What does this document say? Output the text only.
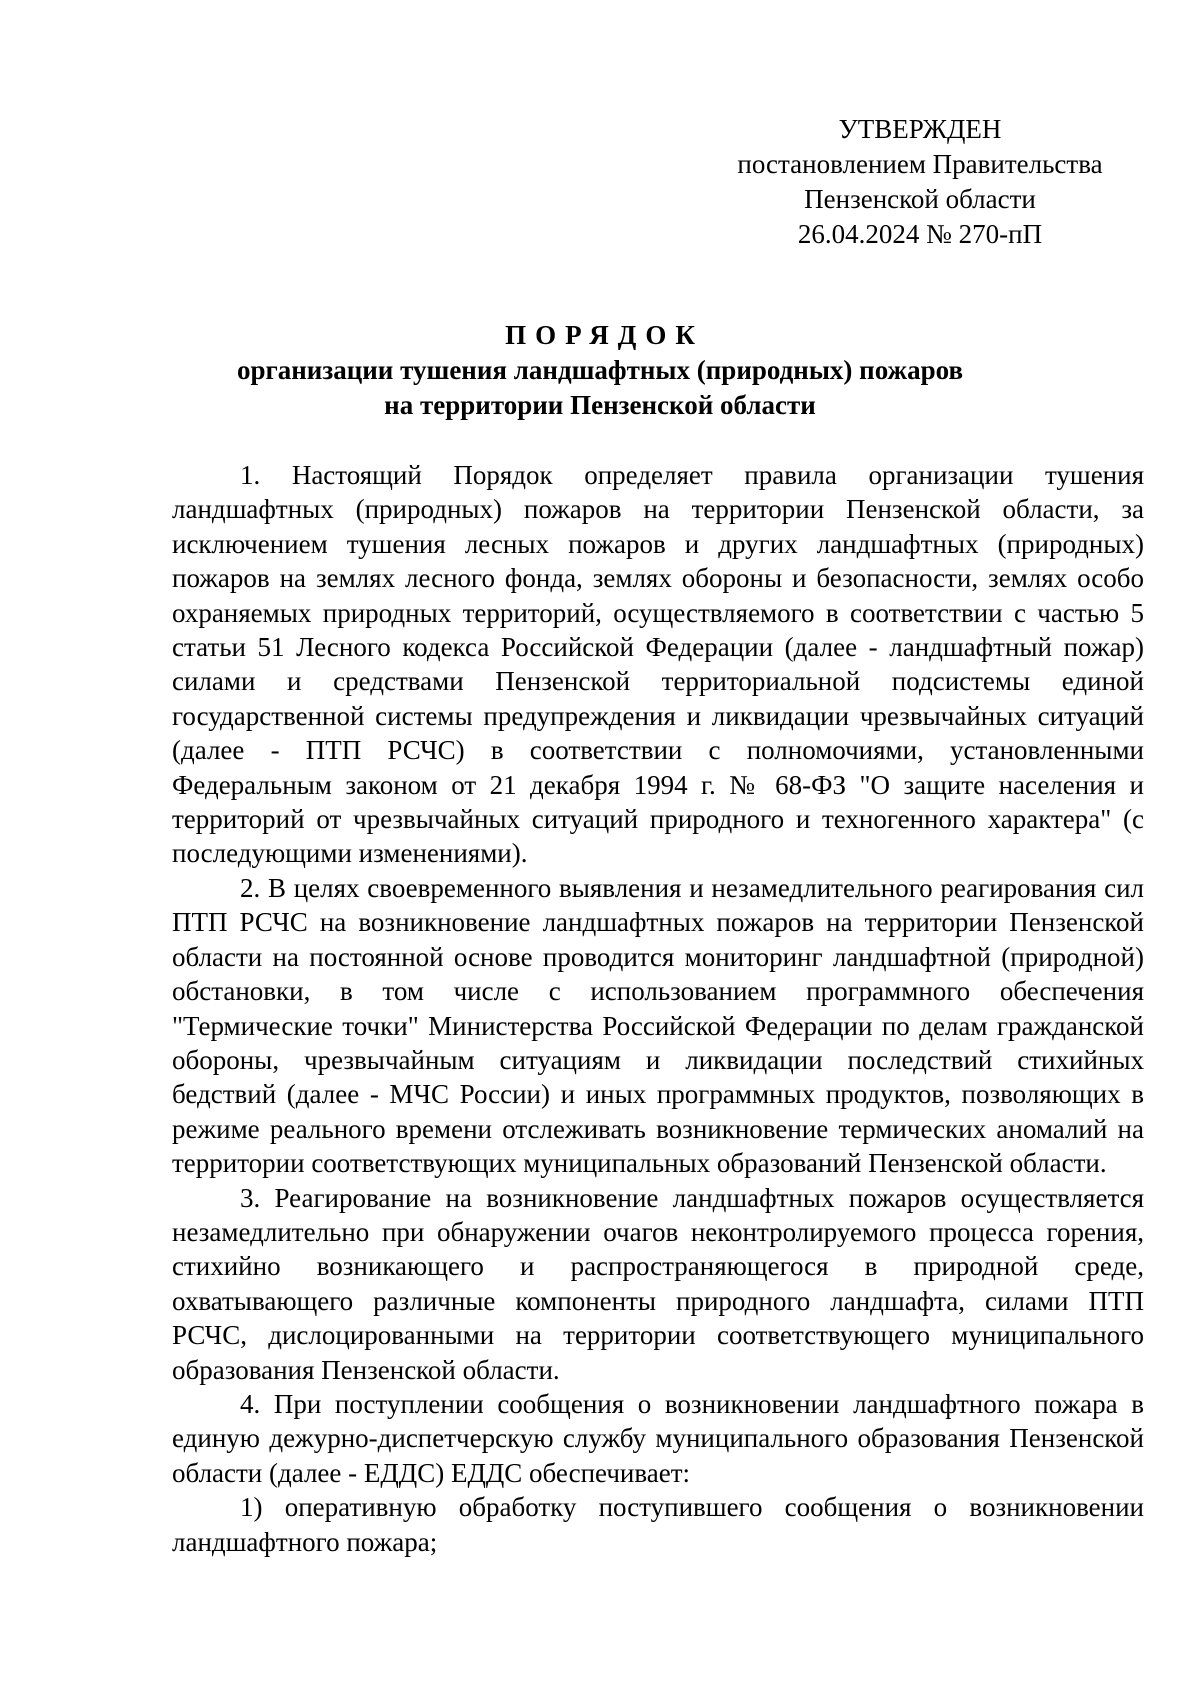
УТВЕРЖДЕН
постановлением Правительства
Пензенской области
26.04.2024 № 270-пП
ПОРЯДОК
организации тушения ландшафтных (природных) пожаров
на территории Пензенской области

1. Настоящий Порядок определяет правила организации тушения ландшафтных (природных) пожаров на территории Пензенской области, за исключением тушения лесных пожаров и других ландшафтных (природных) пожаров на землях лесного фонда, землях обороны и безопасности, землях особо охраняемых природных территорий, осуществляемого в соответствии с частью 5 статьи 51 Лесного кодекса Российской Федерации (далее - ландшафтный пожар) силами и средствами Пензенской территориальной подсистемы единой государственной системы предупреждения и ликвидации чрезвычайных ситуаций (далее - ПТП РСЧС) в соответствии с полномочиями, установленными Федеральным законом от 21 декабря 1994 г. № 68-ФЗ "О защите населения и территорий от чрезвычайных ситуаций природного и техногенного характера" (с последующими изменениями).

2. В целях своевременного выявления и незамедлительного реагирования сил ПТП РСЧС на возникновение ландшафтных пожаров на территории Пензенской области на постоянной основе проводится мониторинг ландшафтной (природной) обстановки, в том числе с использованием программного обеспечения "Термические точки" Министерства Российской Федерации по делам гражданской обороны, чрезвычайным ситуациям и ликвидации последствий стихийных бедствий (далее - МЧС России) и иных программных продуктов, позволяющих в режиме реального времени отслеживать возникновение термических аномалий на территории соответствующих муниципальных образований Пензенской области.

3. Реагирование на возникновение ландшафтных пожаров осуществляется незамедлительно при обнаружении очагов неконтролируемого процесса горения, стихийно возникающего и распространяющегося в природной среде, охватывающего различные компоненты природного ландшафта, силами ПТП РСЧС, дислоцированными на территории соответствующего муниципального образования Пензенской области.

4. При поступлении сообщения о возникновении ландшафтного пожара в единую дежурно-диспетчерскую службу муниципального образования Пензенской области (далее - ЕДДС) ЕДДС обеспечивает:

1) оперативную обработку поступившего сообщения о возникновении ландшафтного пожара;
